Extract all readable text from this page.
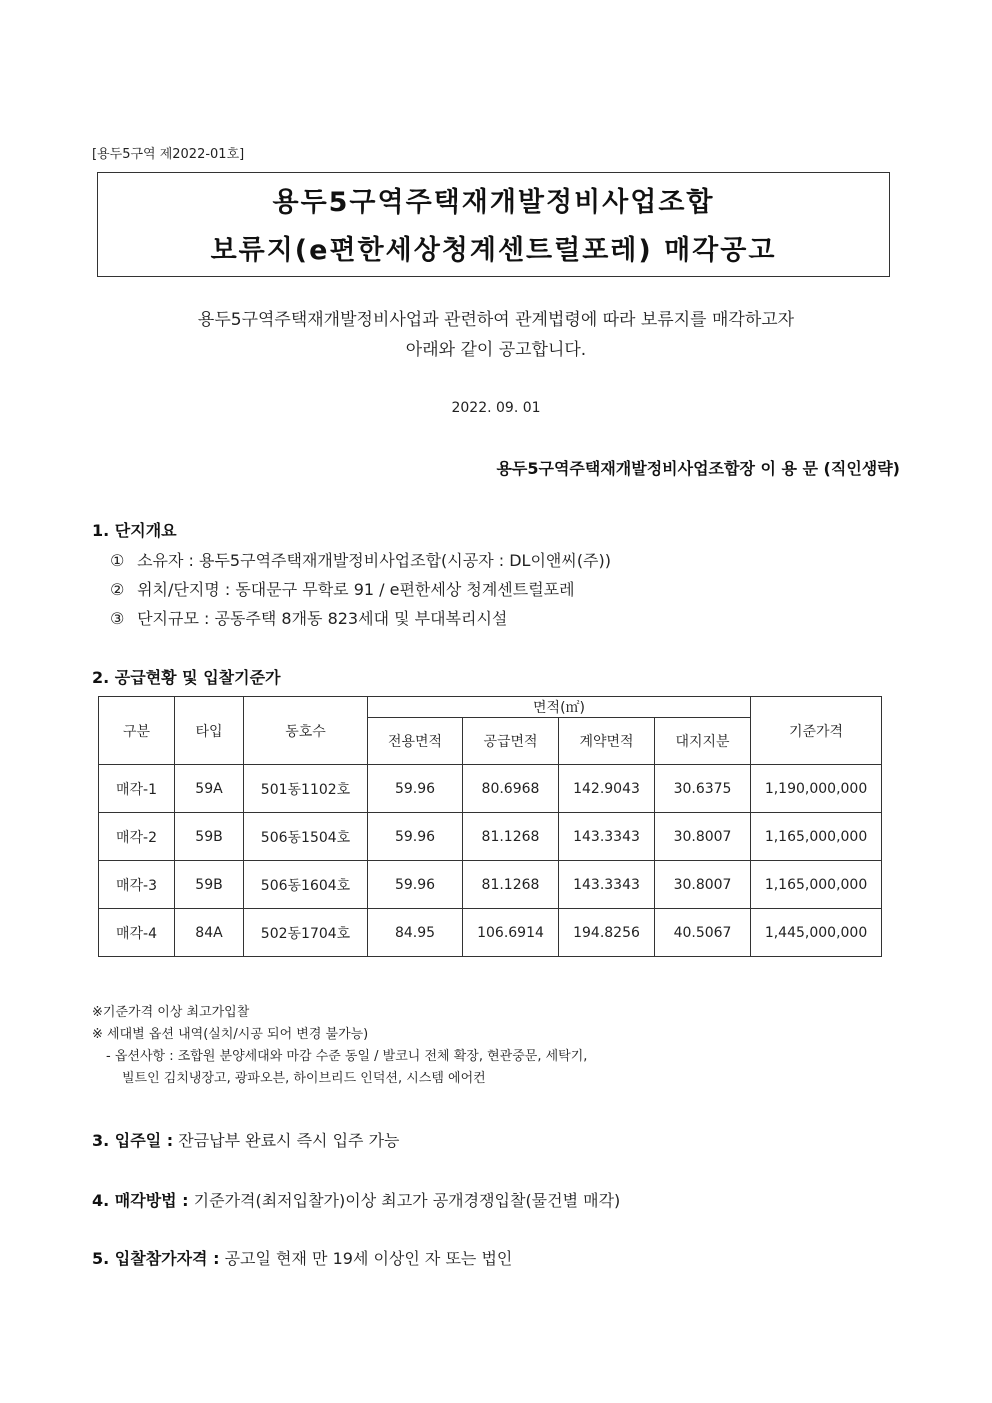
[용두5구역 제2022-01호]
용두5구역주택재개발정비사업조합
보류지(e편한세상청계센트럴포레) 매각공고
용두5구역주택재개발정비사업과 관련하여 관계법령에 따라 보류지를 매각하고자
아래와 같이 공고합니다.
2022. 09. 01
용두5구역주택재개발정비사업조합장 이 용 문 (직인생략)
1. 단지개요
① 소유자 : 용두5구역주택재개발정비사업조합(시공자 : DL이앤씨(주))
② 위치/단지명 : 동대문구 무학로 91 / e편한세상 청계센트럴포레
③ 단지규모 : 공동주택 8개동 823세대 및 부대복리시설
2. 공급현황 및 입찰기준가
구분	타입	동호수	면적(㎡)				기준가격
			전용면적	공급면적	계약면적	대지지분	
매각-1	59A	501동1102호	59.96	80.6968	142.9043	30.6375	1,190,000,000
매각-2	59B	506동1504호	59.96	81.1268	143.3343	30.8007	1,165,000,000
매각-3	59B	506동1604호	59.96	81.1268	143.3343	30.8007	1,165,000,000
매각-4	84A	502동1704호	84.95	106.6914	194.8256	40.5067	1,445,000,000
※기준가격 이상 최고가입찰
※ 세대별 옵션 내역(실치/시공 되어 변경 불가능)
- 옵션사항 : 조합원 분양세대와 마감 수준 동일 / 발코니 전체 확장, 현관중문, 세탁기,
빌트인 김치냉장고, 광파오븐, 하이브리드 인덕션, 시스템 에어컨
3. 입주일 : 잔금납부 완료시 즉시 입주 가능
4. 매각방법 : 기준가격(최저입찰가)이상 최고가 공개경쟁입찰(물건별 매각)
5. 입찰참가자격 : 공고일 현재 만 19세 이상인 자 또는 법인
